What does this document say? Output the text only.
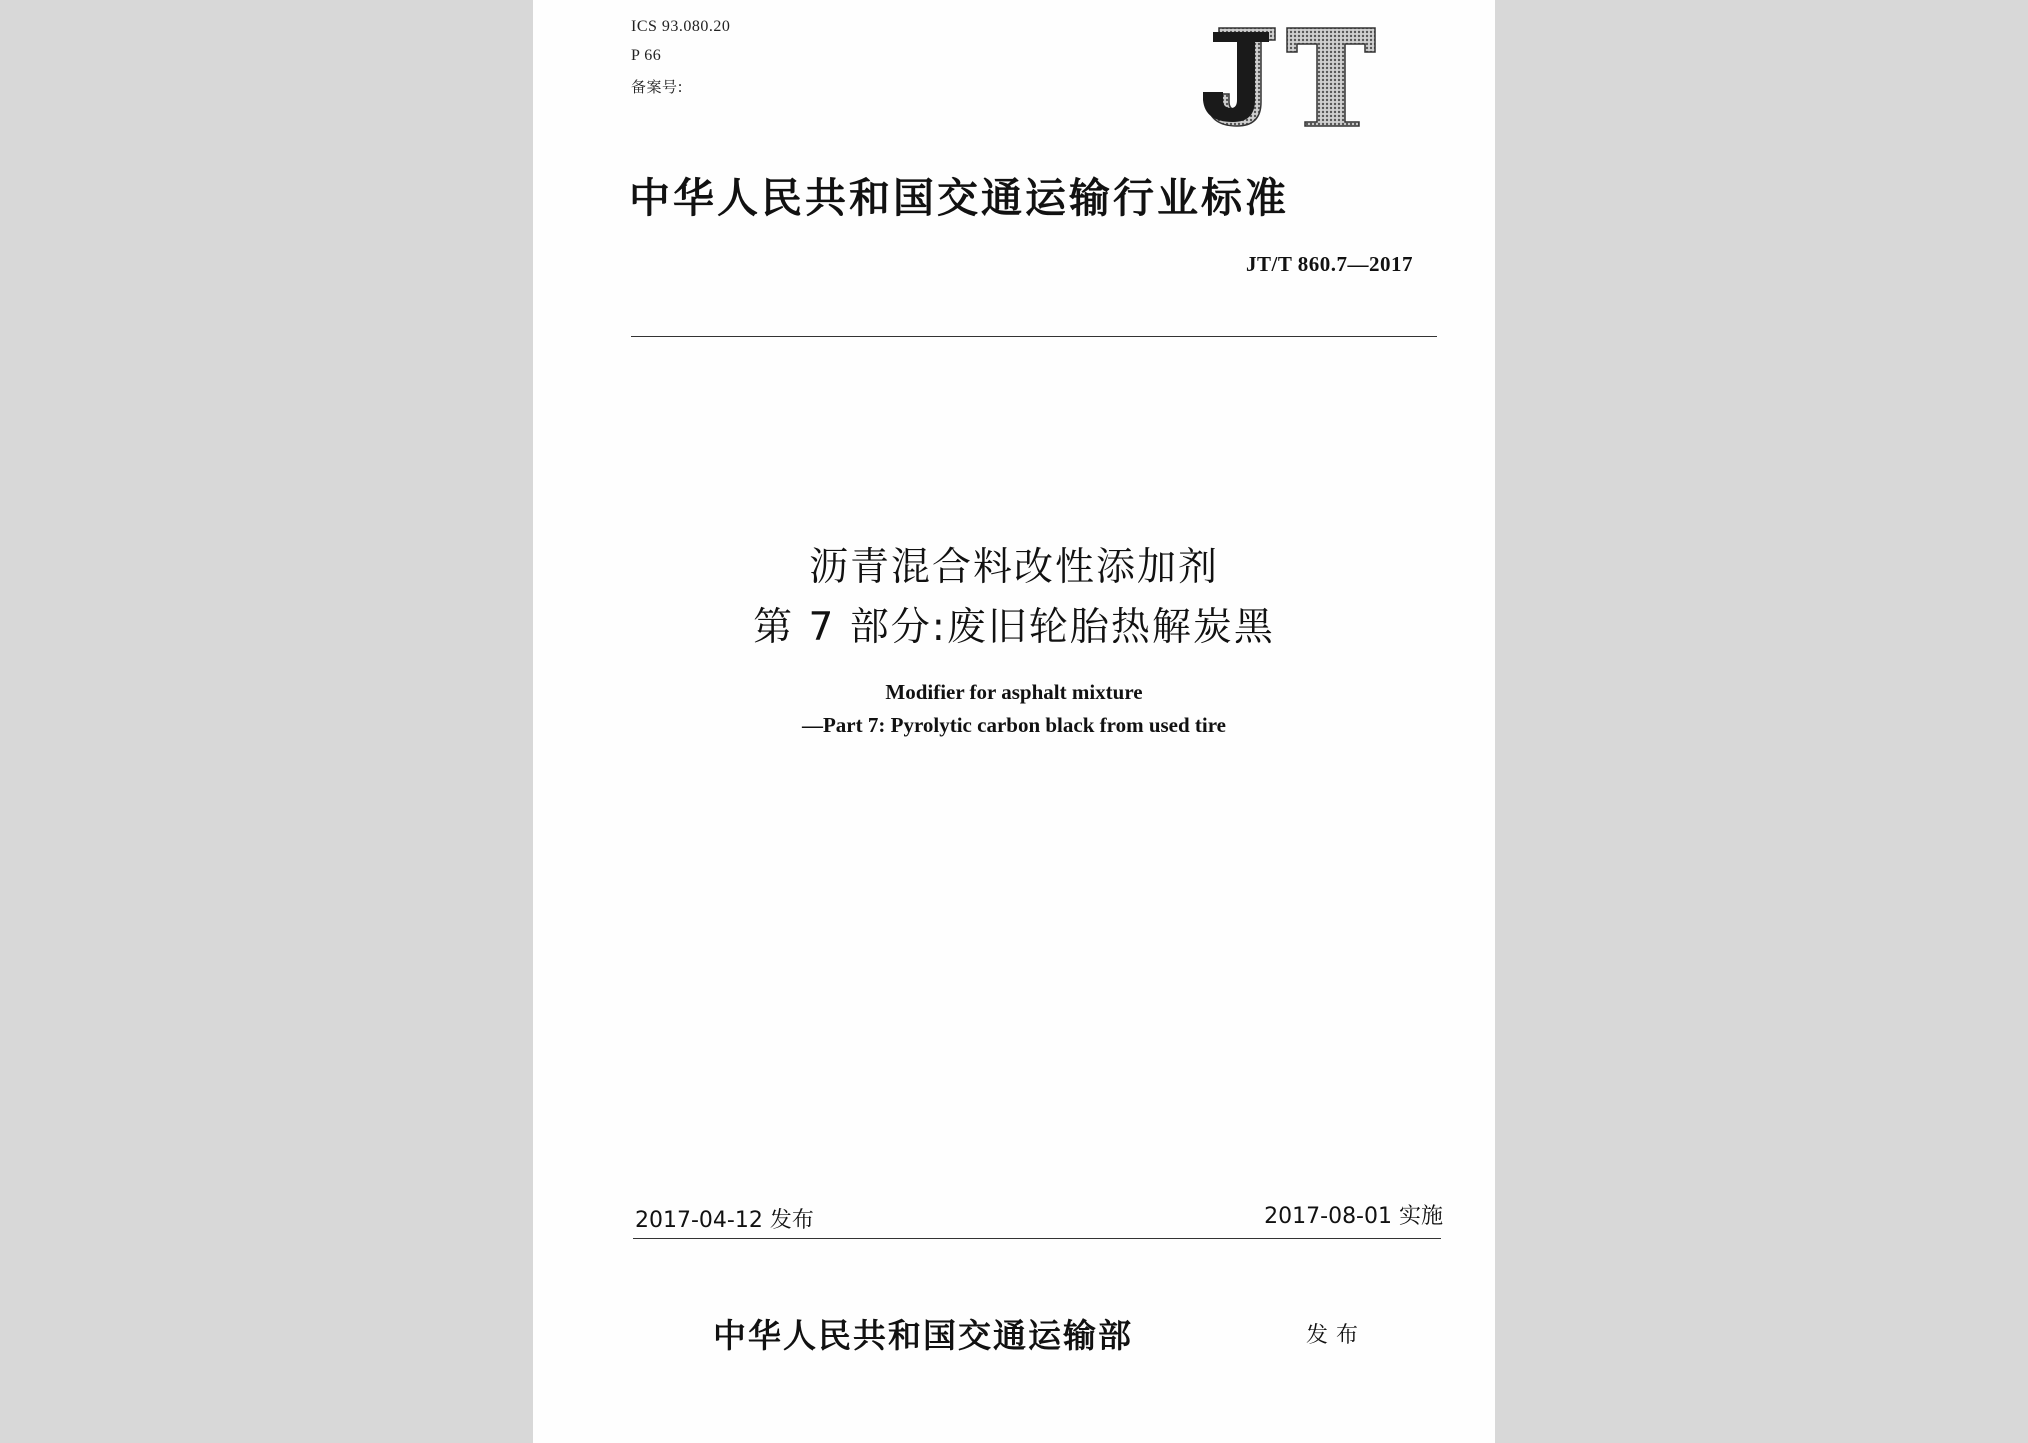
ICS 93.080.20
P 66
备案号:
中华人民共和国交通运输行业标准
JT/T 860.7—2017
沥青混合料改性添加剂
第 7 部分:废旧轮胎热解炭黑
Modifier for asphalt mixture
—Part 7: Pyrolytic carbon black from used tire
2017-04-12 发布	2017-08-01 实施
中华人民共和国交通运输部	发布
